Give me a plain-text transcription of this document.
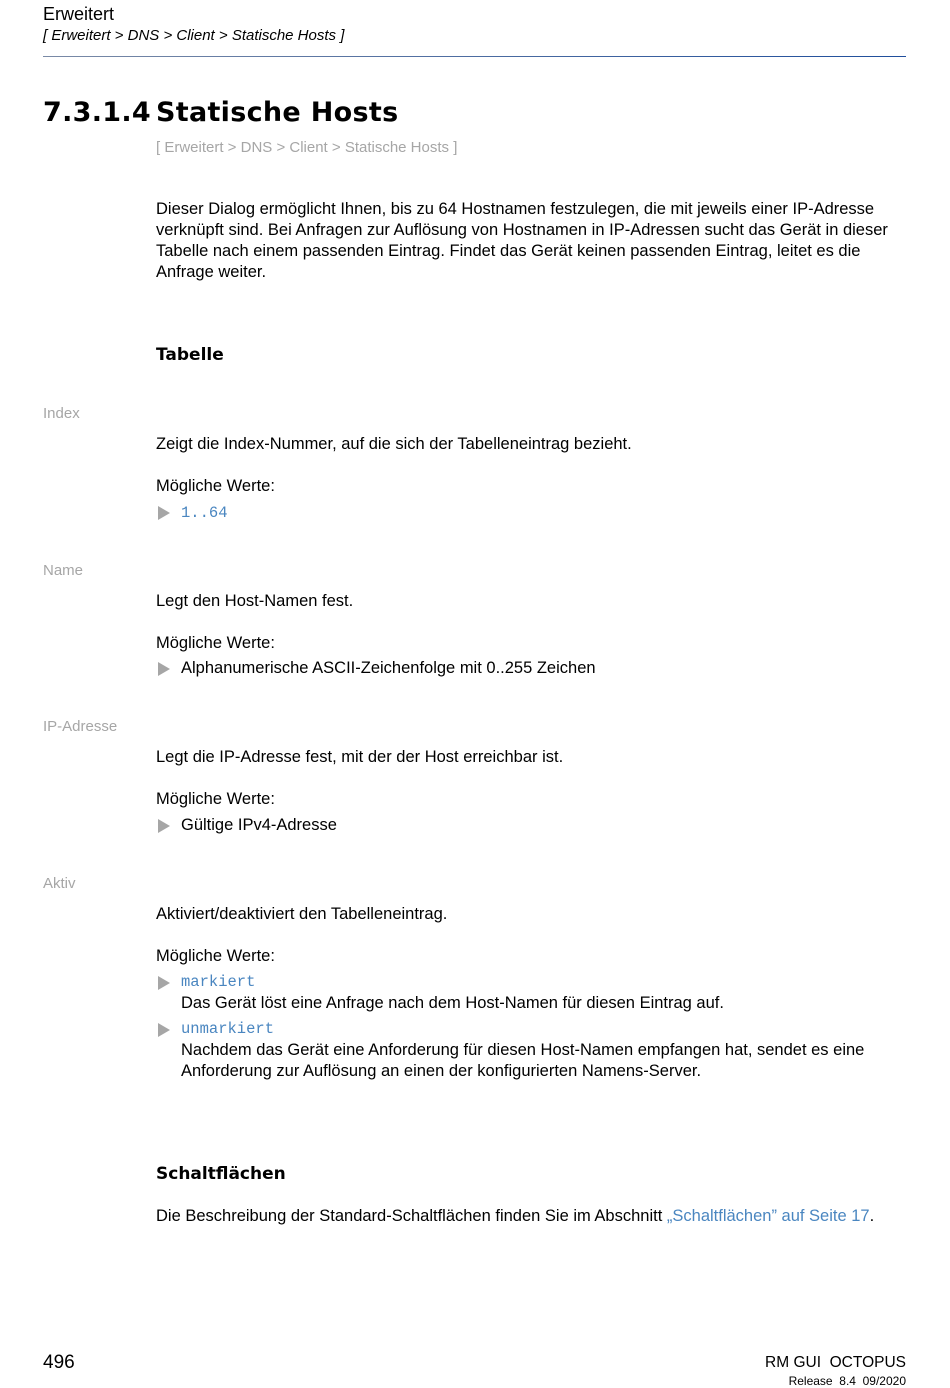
Erweitert
[ Erweitert > DNS > Client > Statische Hosts ]
7.3.1.4 Statische Hosts
[ Erweitert > DNS > Client > Statische Hosts ]
Dieser Dialog ermöglicht Ihnen, bis zu 64 Hostnamen festzulegen, die mit jeweils einer IP-Adresse verknüpft sind. Bei Anfragen zur Auflösung von Hostnamen in IP-Adressen sucht das Gerät in dieser Tabelle nach einem passenden Eintrag. Findet das Gerät keinen passenden Eintrag, leitet es die Anfrage weiter.
Tabelle
Index
Zeigt die Index-Nummer, auf die sich der Tabelleneintrag bezieht.
Mögliche Werte:
1..64
Name
Legt den Host-Namen fest.
Mögliche Werte:
Alphanumerische ASCII-Zeichenfolge mit 0..255 Zeichen
IP-Adresse
Legt die IP-Adresse fest, mit der der Host erreichbar ist.
Mögliche Werte:
Gültige IPv4-Adresse
Aktiv
Aktiviert/deaktiviert den Tabelleneintrag.
Mögliche Werte:
markiert
Das Gerät löst eine Anfrage nach dem Host-Namen für diesen Eintrag auf.
unmarkiert
Nachdem das Gerät eine Anforderung für diesen Host-Namen empfangen hat, sendet es eine Anforderung zur Auflösung an einen der konfigurierten Namens-Server.
Schaltflächen
Die Beschreibung der Standard-Schaltflächen finden Sie im Abschnitt „Schaltflächen” auf Seite 17.
496	RM GUI  OCTOPUS
Release  8.4  09/2020
